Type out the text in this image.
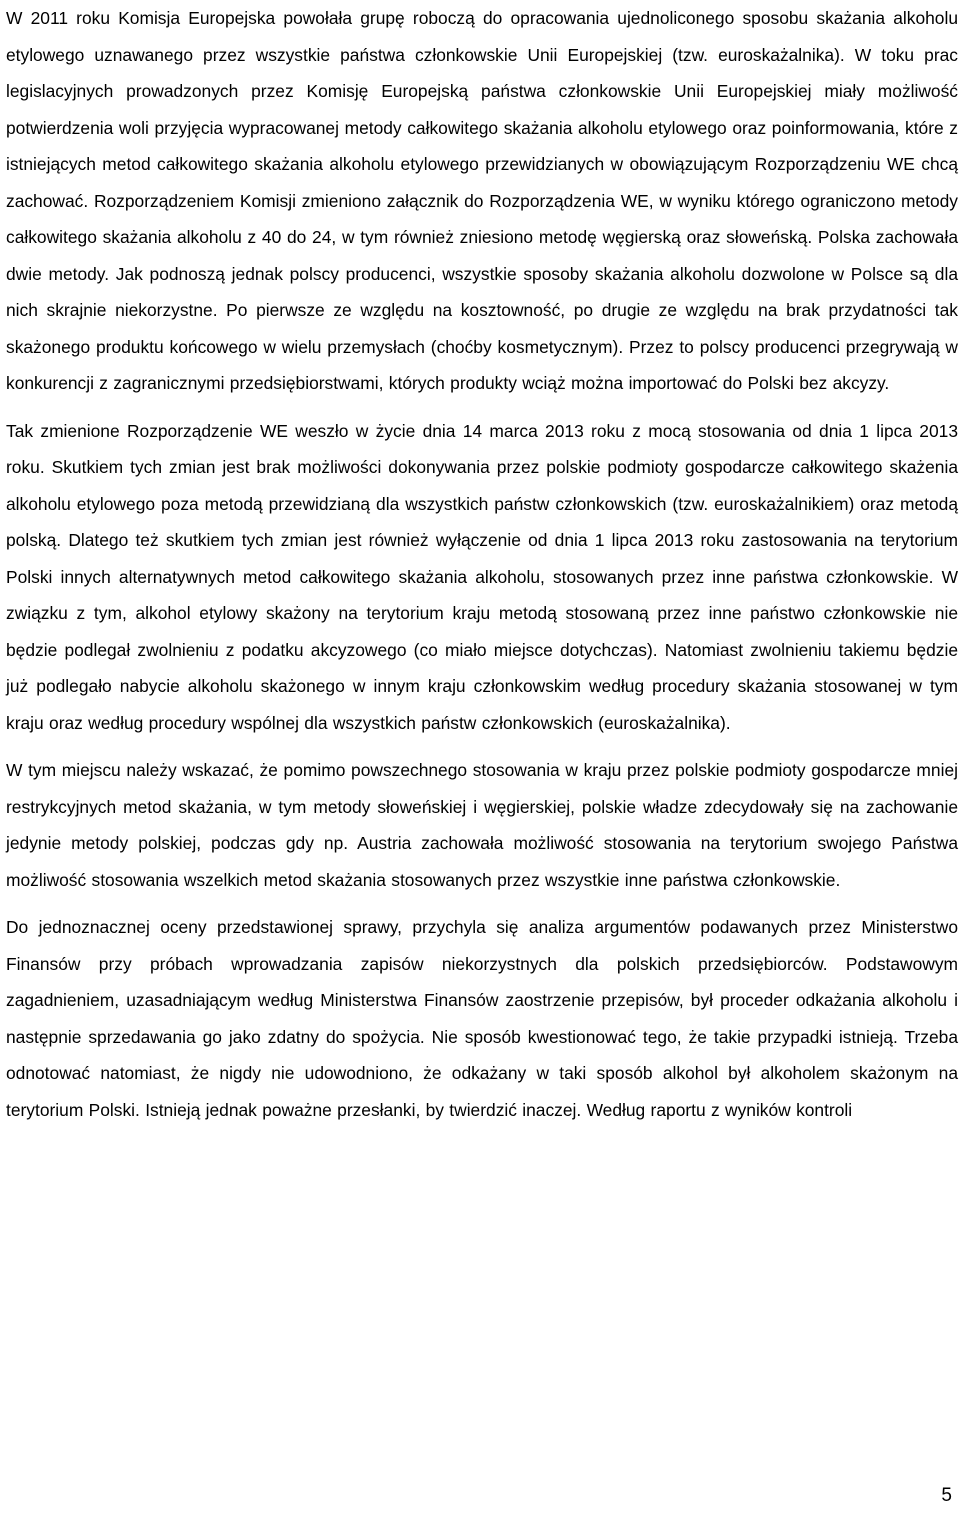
W 2011 roku Komisja Europejska powołała grupę roboczą do opracowania ujednoliconego sposobu skażania alkoholu etylowego uznawanego przez wszystkie państwa członkowskie Unii Europejskiej (tzw. euroskażalnika). W toku prac legislacyjnych prowadzonych przez Komisję Europejską państwa członkowskie Unii Europejskiej miały możliwość potwierdzenia woli przyjęcia wypracowanej metody całkowitego skażania alkoholu etylowego oraz poinformowania, które z istniejących metod całkowitego skażania alkoholu etylowego przewidzianych w obowiązującym Rozporządzeniu WE chcą zachować. Rozporządzeniem Komisji zmieniono załącznik do Rozporządzenia WE, w wyniku którego ograniczono metody całkowitego skażania alkoholu z 40 do 24, w tym również zniesiono metodę węgierską oraz słoweńską. Polska zachowała dwie metody. Jak podnoszą jednak polscy producenci, wszystkie sposoby skażania alkoholu dozwolone w Polsce są dla nich skrajnie niekorzystne. Po pierwsze ze względu na kosztowność, po drugie ze względu na brak przydatności tak skażonego produktu końcowego w wielu przemysłach (choćby kosmetycznym). Przez to polscy producenci przegrywają w konkurencji z zagranicznymi przedsiębiorstwami, których produkty wciąż można importować do Polski bez akcyzy.

Tak zmienione Rozporządzenie WE weszło w życie dnia 14 marca 2013 roku z mocą stosowania od dnia 1 lipca 2013 roku. Skutkiem tych zmian jest brak możliwości dokonywania przez polskie podmioty gospodarcze całkowitego skażenia alkoholu etylowego poza metodą przewidzianą dla wszystkich państw członkowskich (tzw. euroskażalnikiem) oraz metodą polską. Dlatego też skutkiem tych zmian jest również wyłączenie od dnia 1 lipca 2013 roku zastosowania na terytorium Polski innych alternatywnych metod całkowitego skażania alkoholu, stosowanych przez inne państwa członkowskie. W związku z tym, alkohol etylowy skażony na terytorium kraju metodą stosowaną przez inne państwo członkowskie nie będzie podlegał zwolnieniu z podatku akcyzowego (co miało miejsce dotychczas). Natomiast zwolnieniu takiemu będzie już podlegało nabycie alkoholu skażonego w innym kraju członkowskim według procedury skażania stosowanej w tym kraju oraz według procedury wspólnej dla wszystkich państw członkowskich (euroskażalnika).

W tym miejscu należy wskazać, że pomimo powszechnego stosowania w kraju przez polskie podmioty gospodarcze mniej restrykcyjnych metod skażania, w tym metody słoweńskiej i węgierskiej, polskie władze zdecydowały się na zachowanie jedynie metody polskiej, podczas gdy np. Austria zachowała możliwość stosowania na terytorium swojego Państwa możliwość stosowania wszelkich metod skażania stosowanych przez wszystkie inne państwa członkowskie.

Do jednoznacznej oceny przedstawionej sprawy, przychyla się analiza argumentów podawanych przez Ministerstwo Finansów przy próbach wprowadzania zapisów niekorzystnych dla polskich przedsiębiorców. Podstawowym zagadnieniem, uzasadniającym według Ministerstwa Finansów zaostrzenie przepisów, był proceder odkażania alkoholu i następnie sprzedawania go jako zdatny do spożycia. Nie sposób kwestionować tego, że takie przypadki istnieją. Trzeba odnotować natomiast, że nigdy nie udowodniono, że odkażany w taki sposób alkohol był alkoholem skażonym na terytorium Polski. Istnieją jednak poważne przesłanki, by twierdzić inaczej. Według raportu z wyników kontroli

5
